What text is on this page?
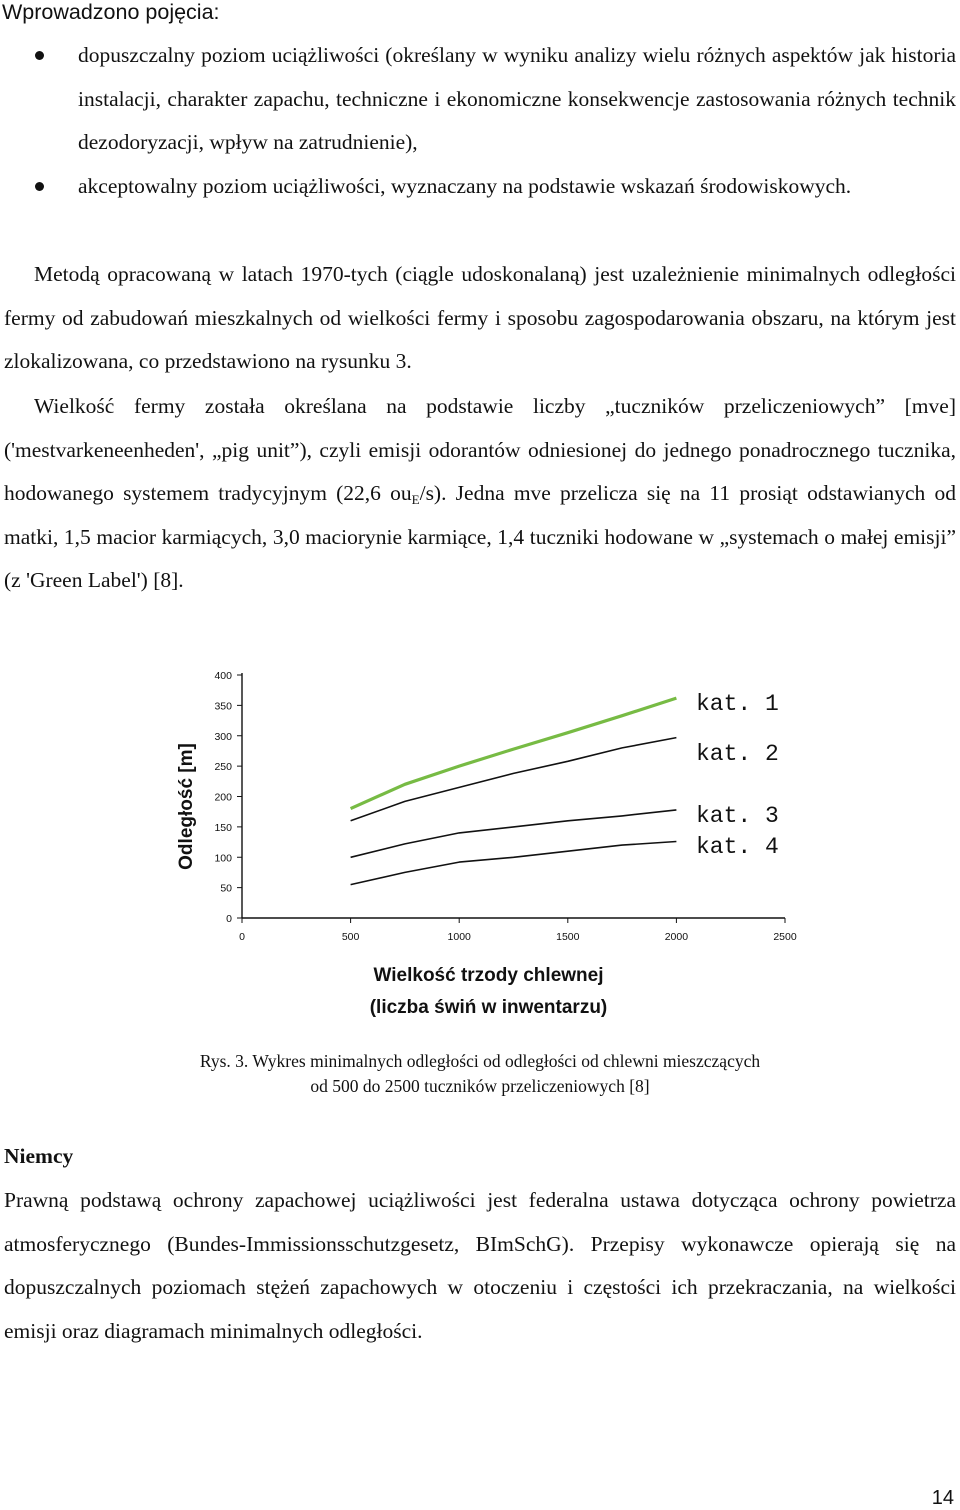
Wprowadzono pojęcia:

dopuszczalny poziom uciążliwości (określany w wyniku analizy wielu różnych aspektów jak historia instalacji, charakter zapachu, techniczne i ekonomiczne konsekwencje zastosowania różnych technik dezodoryzacji, wpływ na zatrudnienie),
akceptowalny poziom uciążliwości, wyznaczany na podstawie wskazań środowiskowych.

Metodą opracowaną w latach 1970-tych (ciągle udoskonalaną) jest uzależnienie minimalnych odległości fermy od zabudowań mieszkalnych od wielkości fermy i sposobu zagospodarowania obszaru, na którym jest zlokalizowana, co przedstawiono na rysunku 3.

Wielkość fermy została określana na podstawie liczby „tuczników przeliczeniowych” [mve] ('mestvarkeneenheden', „pig unit”), czyli emisji odorantów odniesionej do jednego ponadrocznego tucznika, hodowanego systemem tradycyjnym (22,6 $ou_E/s$). Jedna mve przelicza się na 11 prosiąt odstawianych od matki, 1,5 macior karmiących, 3,0 maciorynie karmiące, 1,4 tuczniki hodowane w „systemach o małej emisji” (z 'Green Label') [8].

0
50
100
150
200
250
300
350
400
0	500	1000	1500	2000	2500
Odległość [m]
Wielkość trzody chlewnej
(liczba świń w inwentarzu)
kat. 1
kat. 2
kat. 3
kat. 4

Rys. 3. Wykres minimalnych odległości od odległości od chlewni mieszczących

od 500 do 2500 tuczników przeliczeniowych [8]

Niemcy

Prawną podstawą ochrony zapachowej uciążliwości jest federalna ustawa dotycząca ochrony powietrza atmosferycznego (Bundes-Immissionsschutzgesetz, BImSchG). Przepisy wykonawcze opierają się na dopuszczalnych poziomach stężeń zapachowych w otoczeniu i częstości ich przekraczania, na wielkości emisji oraz diagramach minimalnych odległości.

14
